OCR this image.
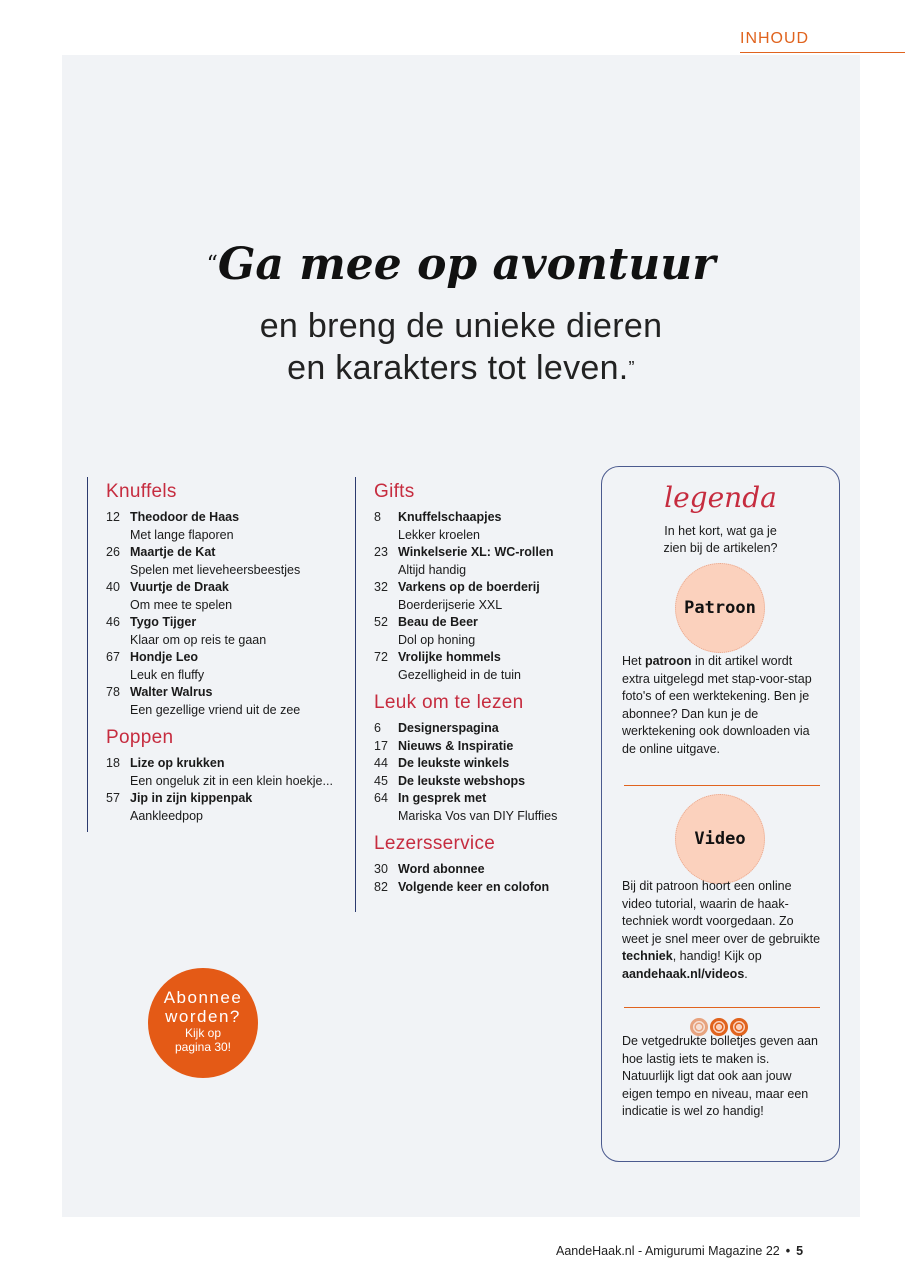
INHOUD
“Ga mee op avontuur
en breng de unieke dieren
en karakters tot leven.”
Knuffels
12 Theodoor de Haas
Met lange flaporen
26 Maartje de Kat
Spelen met lieveheersbeestjes
40 Vuurtje de Draak
Om mee te spelen
46 Tygo Tijger
Klaar om op reis te gaan
67 Hondje Leo
Leuk en fluffy
78 Walter Walrus
Een gezellige vriend uit de zee
Poppen
18 Lize op krukken
Een ongeluk zit in een klein hoekje...
57 Jip in zijn kippenpak
Aankleedpop
Gifts
8	Knuffelschaapjes
Lekker kroelen
23 Winkelserie XL: WC-rollen
Altijd handig
32 Varkens op de boerderij
Boerderijserie XXL
52 Beau de Beer
Dol op honing
72 Vrolijke hommels
Gezelligheid in de tuin
Leuk om te lezen
6	Designerspagina
17 Nieuws & Inspiratie
44 De leukste winkels
45 De leukste webshops
64 In gesprek met
Mariska Vos van DIY Fluffies
Lezersservice
30 Word abonnee
82 Volgende keer en colofon
legenda
In het kort, wat ga je
zien bij de artikelen?
Patroon
Het patroon in dit artikel wordt extra uitgelegd met stap-voor-stap foto's of een werktekening. Ben je abonnee? Dan kun je de werktekening ook downloaden via de online uitgave.
Video
Bij dit patroon hoort een online video tutorial, waarin de haak-techniek wordt voorgedaan. Zo weet je snel meer over de gebruikte techniek, handig! Kijk op aandehaak.nl/videos.
De vetgedrukte bolletjes geven aan hoe lastig iets te maken is. Natuurlijk ligt dat ook aan jouw eigen tempo en niveau, maar een indicatie is wel zo handig!
Abonnee
worden?
Kijk op
pagina 30!
AandeHaak.nl - Amigurumi Magazine 22 • 5
